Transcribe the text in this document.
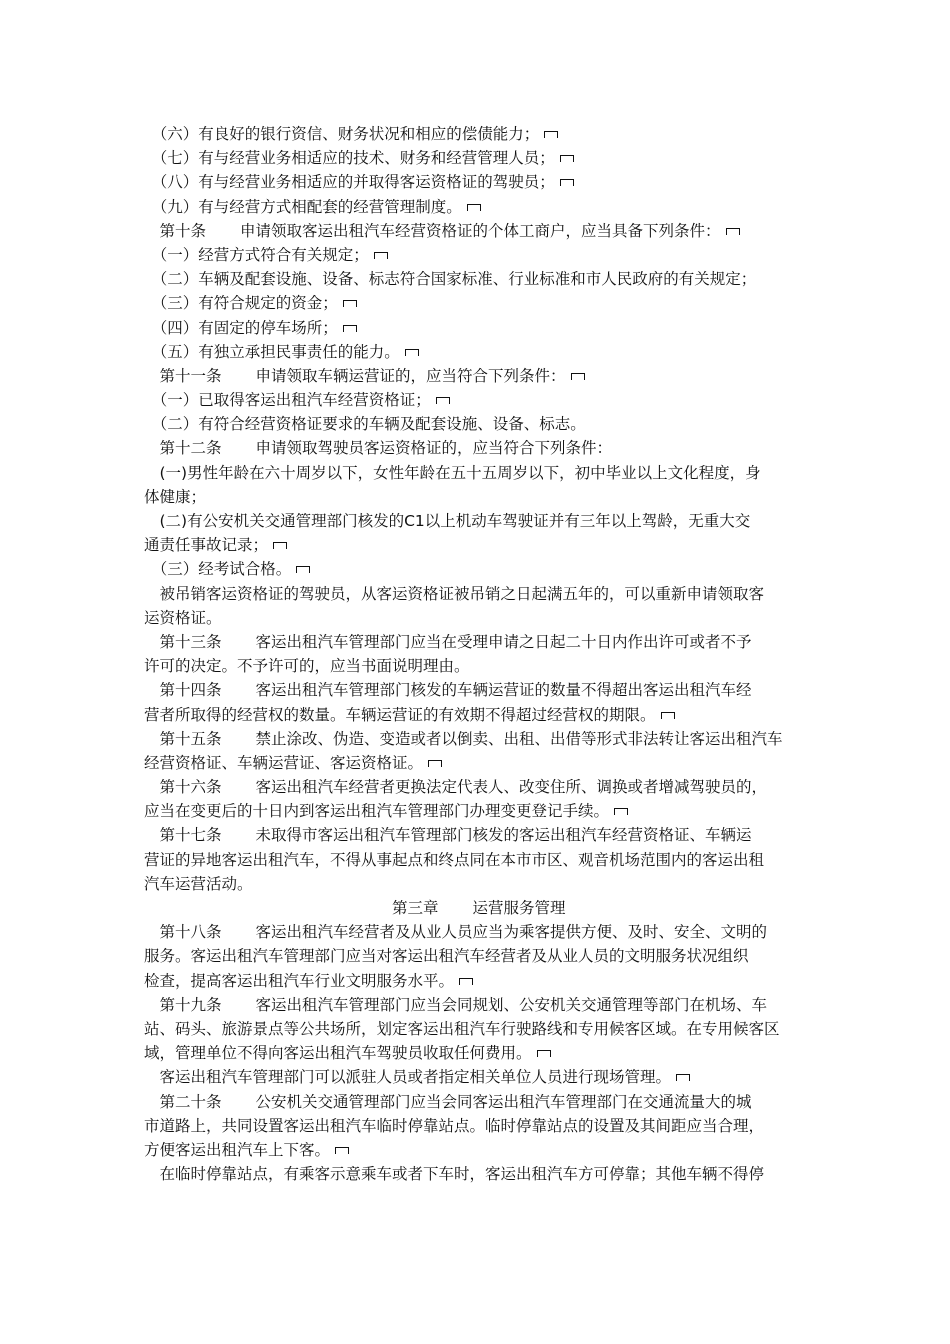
　（六）有良好的银行资信、财务状况和相应的偿债能力；
　（七）有与经营业务相适应的技术、财务和经营管理人员；
　（八）有与经营业务相适应的并取得客运资格证的驾驶员；
　（九）有与经营方式相配套的经营管理制度。
　第十条 申请领取客运出租汽车经营资格证的个体工商户，应当具备下列条件：
　（一）经营方式符合有关规定；
　（二）车辆及配套设施、设备、标志符合国家标准、行业标准和市人民政府的有关规定；
　（三）有符合规定的资金；
　（四）有固定的停车场所；
　（五）有独立承担民事责任的能力。
　第十一条 申请领取车辆运营证的，应当符合下列条件：
　（一）已取得客运出租汽车经营资格证；
　（二）有符合经营资格证要求的车辆及配套设施、设备、标志。
　第十二条 申请领取驾驶员客运资格证的，应当符合下列条件：
　(一)男性年龄在六十周岁以下，女性年龄在五十五周岁以下，初中毕业以上文化程度，身
体健康；
　(二)有公安机关交通管理部门核发的C1以上机动车驾驶证并有三年以上驾龄，无重大交
通责任事故记录；
　（三）经考试合格。
　被吊销客运资格证的驾驶员，从客运资格证被吊销之日起满五年的，可以重新申请领取客
运资格证。
　第十三条 客运出租汽车管理部门应当在受理申请之日起二十日内作出许可或者不予
许可的决定。不予许可的，应当书面说明理由。
　第十四条 客运出租汽车管理部门核发的车辆运营证的数量不得超出客运出租汽车经
营者所取得的经营权的数量。车辆运营证的有效期不得超过经营权的期限。
　第十五条 禁止涂改、伪造、变造或者以倒卖、出租、出借等形式非法转让客运出租汽车
经营资格证、车辆运营证、客运资格证。
　第十六条 客运出租汽车经营者更换法定代表人、改变住所、调换或者增减驾驶员的，
应当在变更后的十日内到客运出租汽车管理部门办理变更登记手续。
　第十七条 未取得市客运出租汽车管理部门核发的客运出租汽车经营资格证、车辆运
营证的异地客运出租汽车，不得从事起点和终点同在本市市区、观音机场范围内的客运出租
汽车运营活动。
　　　　　　　　　　　　　　　　第三章 运营服务管理
　第十八条 客运出租汽车经营者及从业人员应当为乘客提供方便、及时、安全、文明的
服务。客运出租汽车管理部门应当对客运出租汽车经营者及从业人员的文明服务状况组织
检查，提高客运出租汽车行业文明服务水平。
　第十九条 客运出租汽车管理部门应当会同规划、公安机关交通管理等部门在机场、车
站、码头、旅游景点等公共场所，划定客运出租汽车行驶路线和专用候客区域。在专用候客区
域，管理单位不得向客运出租汽车驾驶员收取任何费用。
　客运出租汽车管理部门可以派驻人员或者指定相关单位人员进行现场管理。
　第二十条 公安机关交通管理部门应当会同客运出租汽车管理部门在交通流量大的城
市道路上，共同设置客运出租汽车临时停靠站点。临时停靠站点的设置及其间距应当合理，
方便客运出租汽车上下客。
　在临时停靠站点，有乘客示意乘车或者下车时，客运出租汽车方可停靠；其他车辆不得停
